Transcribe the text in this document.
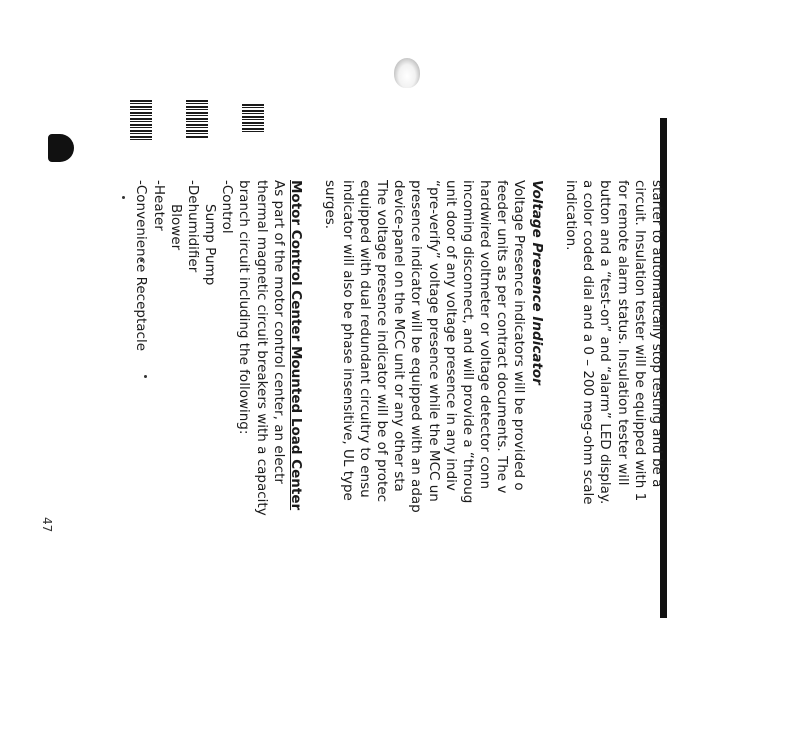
starter to automatically stop testing and be a
circuit. Insulation tester will be equipped with 1
for remote alarm status. Insulation tester will
button and a “test-on” and “alarm” LED display.
a color coded dial and a 0 – 200 meg-ohm scale
indication.
Voltage Presence Indicator
Voltage Presence indicators will be provided o
feeder units as per contract documents. The v
hardwired voltmeter or voltage detector conn
incoming disconnect, and will provide a “throug
unit door of any voltage presence in any indiv
“pre-verify” voltage presence while the MCC un
presence indicator will be equipped with an adap
device-panel on the MCC unit or any other sta
The voltage presence indicator will be of protec
equipped with dual redundant circuitry to ensu
indicator will also be phase insensitive, UL type
surges.
Motor Control Center Mounted Load Center
As part of the motor control center, an electr
thermal magnetic circuit breakers with a capacity
branch circuit including the following:
-Control
Sump Pump
-Dehumidifier
Blower
-Heater
-Convenience Receptacle
47
